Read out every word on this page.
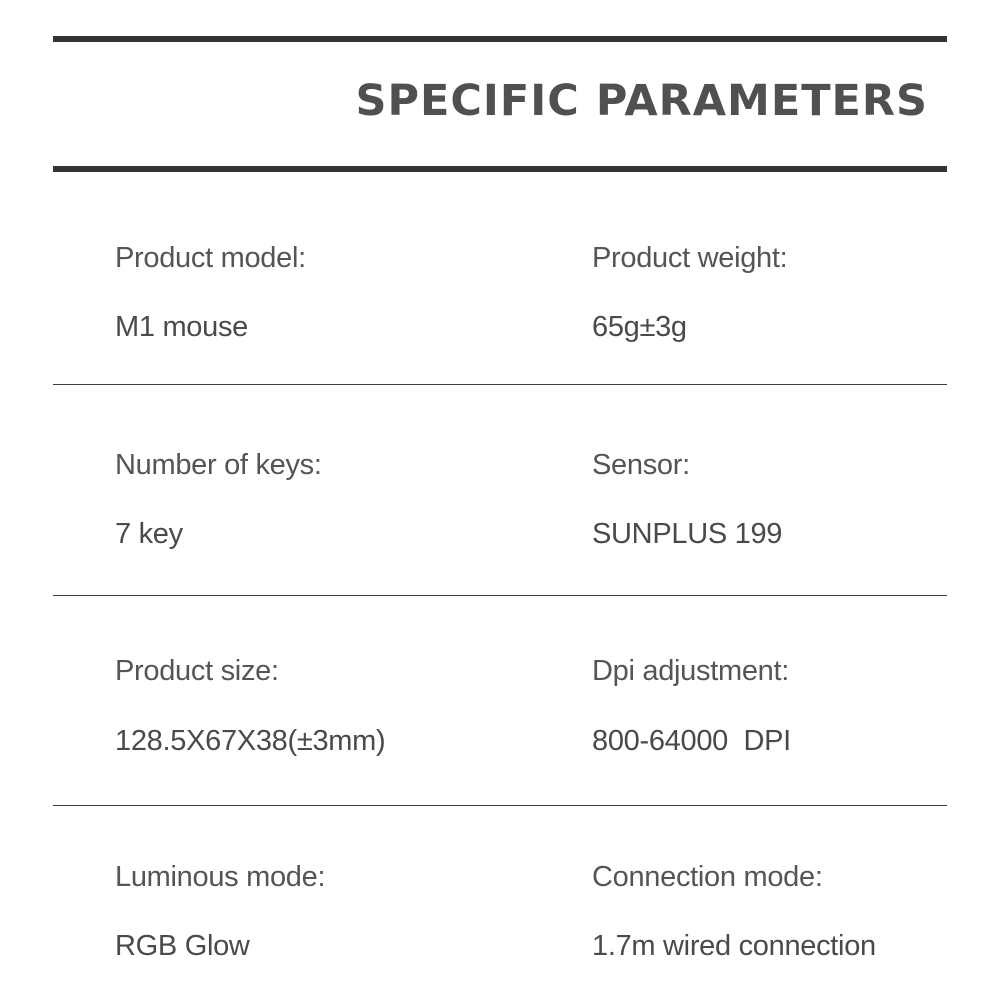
SPECIFIC PARAMETERS
Product model:
M1 mouse
Product weight:
65g±3g
Number of keys:
7 key
Sensor:
SUNPLUS 199
Product size:
128.5X67X38(±3mm)
Dpi adjustment:
800-64000  DPI
Luminous mode:
RGB Glow
Connection mode:
1.7m wired connection
